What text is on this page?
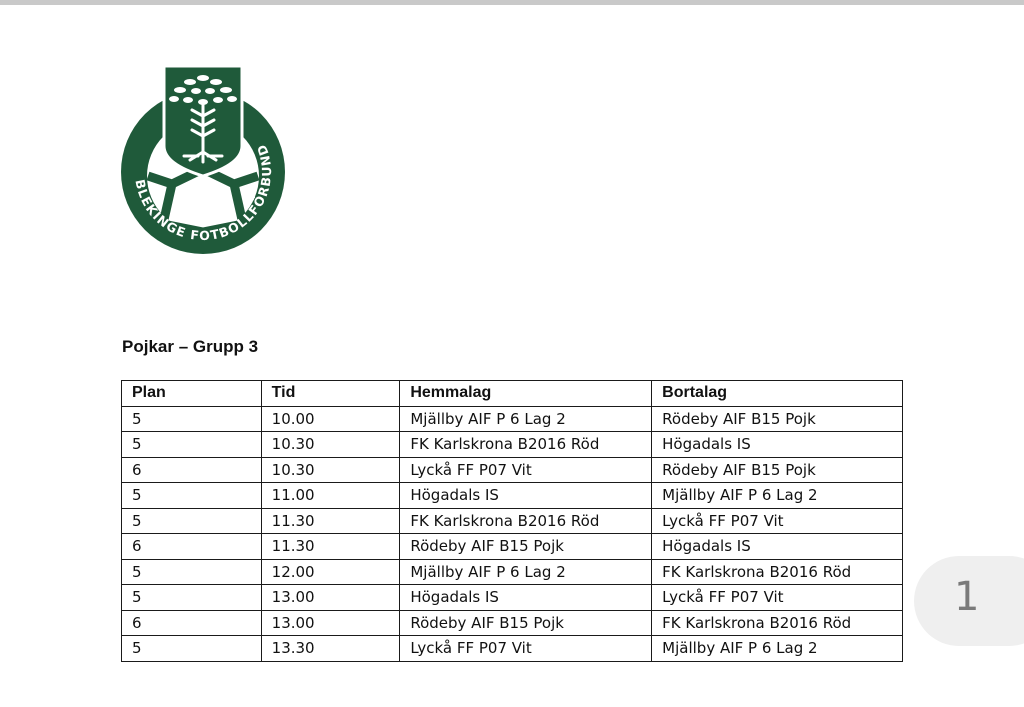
BLEKINGE FOTBOLLFÖRBUND
Pojkar – Grupp 3
Plan	Tid	Hemmalag	Bortalag
5	10.00	Mjällby AIF P 6 Lag 2	Rödeby AIF B15 Pojk
5	10.30	FK Karlskrona B2016 Röd	Högadals IS
6	10.30	Lyckå FF P07 Vit	Rödeby AIF B15 Pojk
5	11.00	Högadals IS	Mjällby AIF P 6 Lag 2
5	11.30	FK Karlskrona B2016 Röd	Lyckå FF P07 Vit
6	11.30	Rödeby AIF B15 Pojk	Högadals IS
5	12.00	Mjällby AIF P 6 Lag 2	FK Karlskrona B2016 Röd
5	13.00	Högadals IS	Lyckå FF P07 Vit
6	13.00	Rödeby AIF B15 Pojk	FK Karlskrona B2016 Röd
5	13.30	Lyckå FF P07 Vit	Mjällby AIF P 6 Lag 2
1
